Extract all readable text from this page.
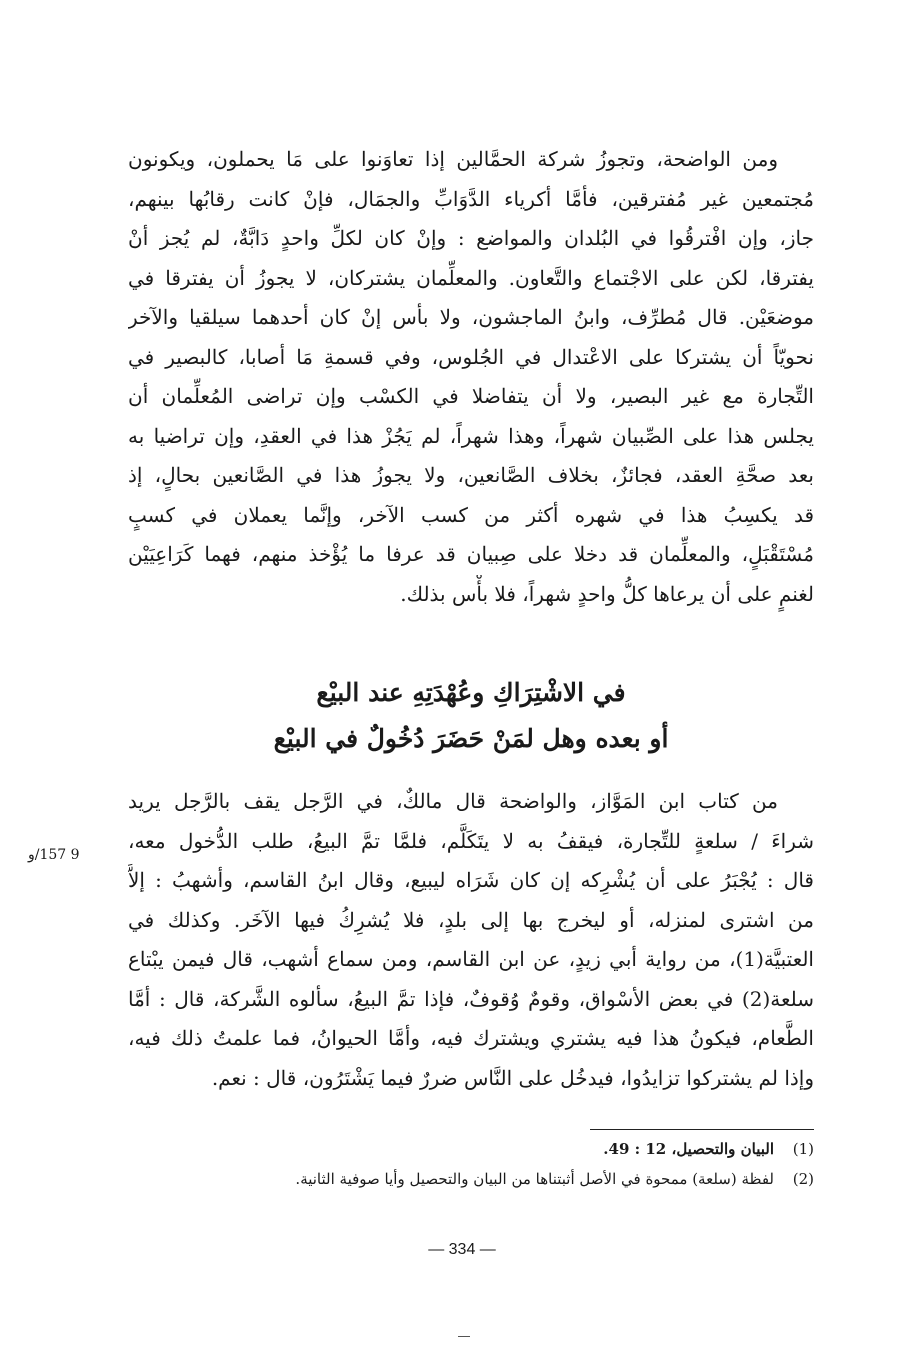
ومن الواضحة، وتجوزُ شركة الحمَّالين إذا تعاوَنوا على مَا يحملون، ويكونون
مُجتمعين غير مُفترقين، فأمَّا أكرياء الدَّوَابِّ والجمَال، فإنْ كانت رقابُها بينهم،
جاز، وإن افْترقُوا في البُلدان والمواضع : وإنْ كان لكلِّ واحدٍ دَابَّةٌ، لم يُجز أنْ
يفترقا، لكن على الاجْتماع والتَّعاون. والمعلِّمان يشتركان، لا يجوزُ أن يفترقا في
موضعَيْن. قال مُطرِّف، وابنُ الماجشون، ولا بأس إنْ كان أحدهما سيلقيا والآخر
نحويّاً أن يشتركا على الاعْتدال في الجُلوس، وفي قسمةِ مَا أصابا، كالبصير في
التِّجارة مع غير البصير، ولا أن يتفاضلا في الكسْب وإن تراضى المُعلِّمان أن
يجلس هذا على الصِّبيان شهراً، وهذا شهراً، لم يَجُزْ هذا في العقدِ، وإن تراضيا به
بعد صحَّةِ العقد، فجائزٌ، بخلاف الصَّانعين، ولا يجوزُ هذا في الصَّانعين بحالٍ، إذ
قد يكسِبُ هذا في شهره أكثر من كسب الآخر، وإنَّما يعملان في كسبٍ
مُسْتَقْبَلٍ، والمعلِّمان قد دخلا على صِبيان قد عرفا ما يُؤْخذ منهم، فهما كَرَاعِيَيْن
لغنمٍ على أن يرعاها كلُّ واحدٍ شهراً، فلا بأْس بذلك.
في الاشْتِرَاكِ وعُهْدَتِهِ عند البيْع
أو بعده وهل لمَنْ حَضَرَ دُخُولٌ في البيْع
من كتاب ابن المَوَّاز، والواضحة قال مالكٌ، في الرَّجل يقف بالرَّجل يريد
شراءَ / سلعةٍ للتِّجارة، فيقفُ به لا يتَكَلَّم، فلمَّا تمَّ البيعُ، طلب الدُّخول معه،
قال : يُجْبَرُ على أن يُشْرِكه إن كان شَرَاه ليبيع، وقال ابنُ القاسم، وأشهبُ : إلاَّ
من اشترى لمنزله، أو ليخرج بها إلى بلدٍ، فلا يُشرِكُ فيها الآخَر. وكذلك في
العتبيَّة(1)، من رواية أبي زيدٍ، عن ابن القاسم، ومن سماع أشهب، قال فيمن يبْتاع
سلعة(2) في بعض الأسْواق، وقومٌ وُقوفٌ، فإذا تمَّ البيعُ، سألوه الشَّركة، قال : أمَّا
الطَّعام، فيكونُ هذا فيه يشتري ويشترك فيه، وأمَّا الحيوانُ، فما علمتُ ذلك فيه،
وإذا لم يشتركوا تزايدُوا، فيدخُل على النَّاس ضررٌ فيما يَشْتَرُون، قال : نعم.
9 157/و
(1)البيان والتحصيل، 12 : 49.
(2)لفظة (سلعة) ممحوة في الأصل أثبتناها من البيان والتحصيل وأيا صوفية الثانية.
— 334 —
